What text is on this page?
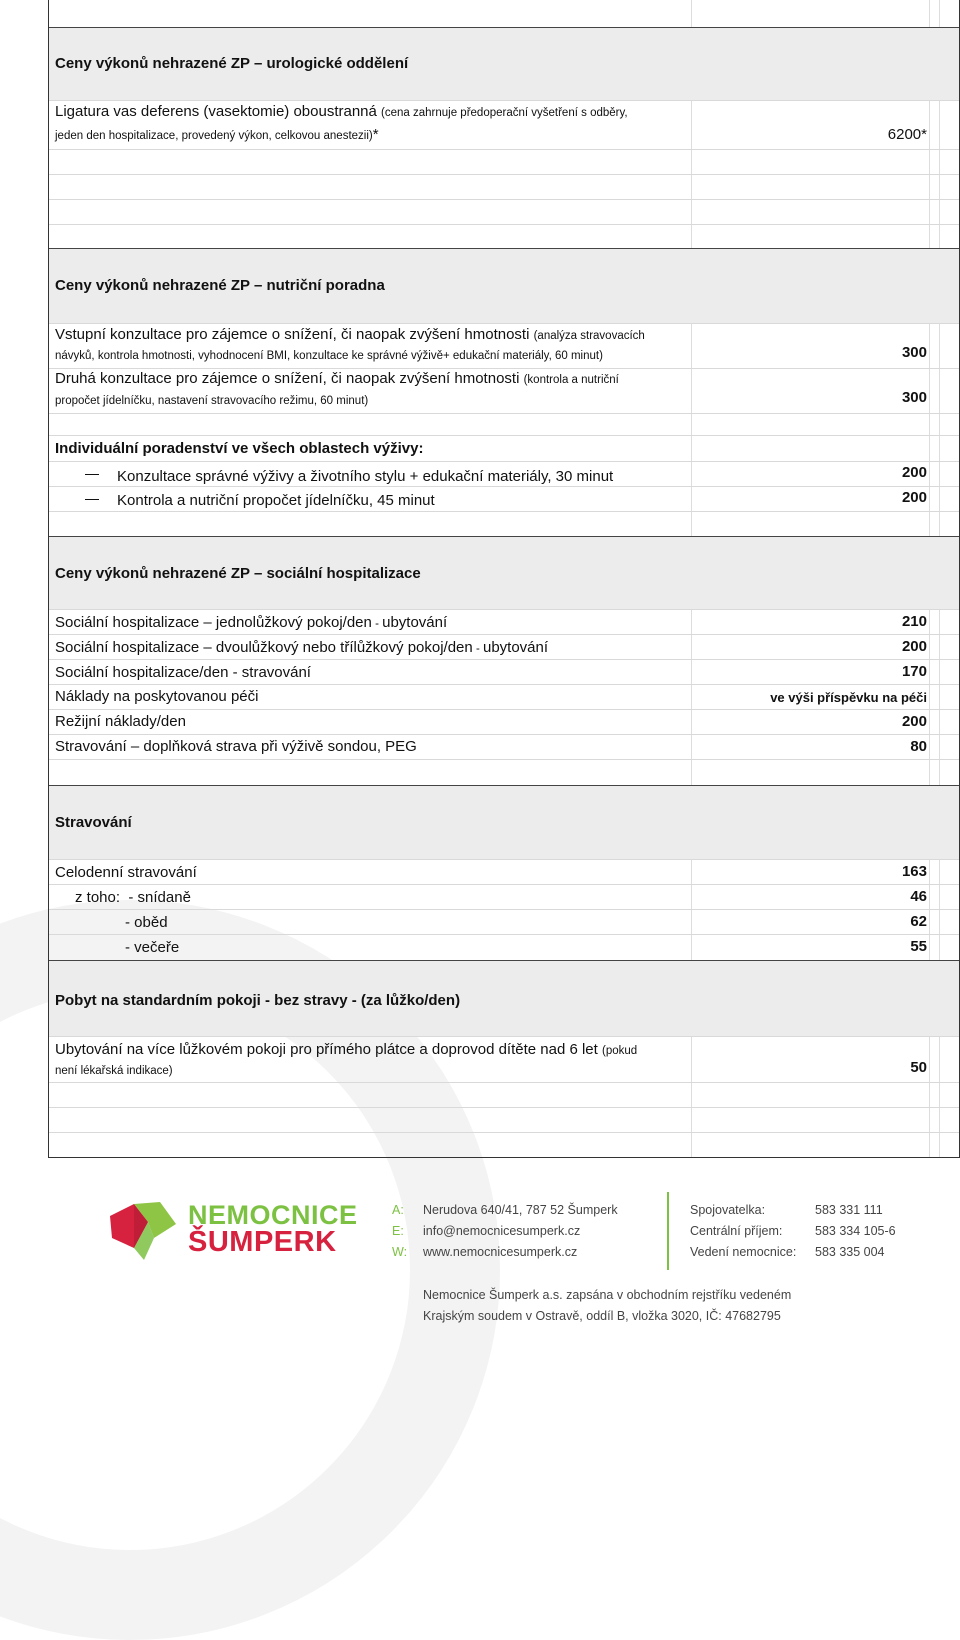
Ceny výkonů nehrazené ZP – urologické oddělení
Ligatura vas deferens (vasektomie) oboustranná (cena zahrnuje předoperační vyšetření s odběry,
jeden den hospitalizace, provedený výkon, celkovou anestezii)*	6200*
Ceny výkonů nehrazené ZP – nutriční poradna
Vstupní konzultace pro zájemce o snížení, či naopak zvýšení hmotnosti (analýza stravovacích
návyků, kontrola hmotnosti, vyhodnocení BMI, konzultace ke správné výživě+ edukační materiály, 60 minut)	300
Druhá konzultace pro zájemce o snížení, či naopak zvýšení hmotnosti (kontrola a nutriční
propočet jídelníčku, nastavení stravovacího režimu, 60 minut)	300
Individuální poradenství ve všech oblastech výživy:
Konzultace správné výživy a životního stylu + edukační materiály, 30 minut	200
Kontrola a nutriční propočet jídelníčku, 45 minut	200
Ceny výkonů nehrazené ZP – sociální hospitalizace
Sociální hospitalizace – jednolůžkový pokoj/den - ubytování	210
Sociální hospitalizace – dvoulůžkový nebo třílůžkový pokoj/den - ubytování	200
Sociální hospitalizace/den - stravování	170
Náklady na poskytovanou péči	ve výši příspěvku na péči
Režijní náklady/den	200
Stravování – doplňková strava při výživě sondou, PEG	80
Stravování
Celodenní stravování	163
z toho:  - snídaně	46
- oběd	62
- večeře	55
Pobyt na standardním pokoji - bez stravy - (za lůžko/den)
Ubytování na více lůžkovém pokoji pro přímého plátce a doprovod dítěte nad 6 let (pokud
není lékařská indikace)	50
NEMOCNICE
ŠUMPERK
A: Nerudova 640/41, 787 52 Šumperk
E: info@nemocnicesumperk.cz
W: www.nemocnicesumperk.cz
Spojovatelka:	583 331 111
Centrální příjem:	583 334 105-6
Vedení nemocnice: 583 335 004
Nemocnice Šumperk a.s. zapsána v obchodním rejstříku vedeném
Krajským soudem v Ostravě, oddíl B, vložka 3020, IČ: 47682795
